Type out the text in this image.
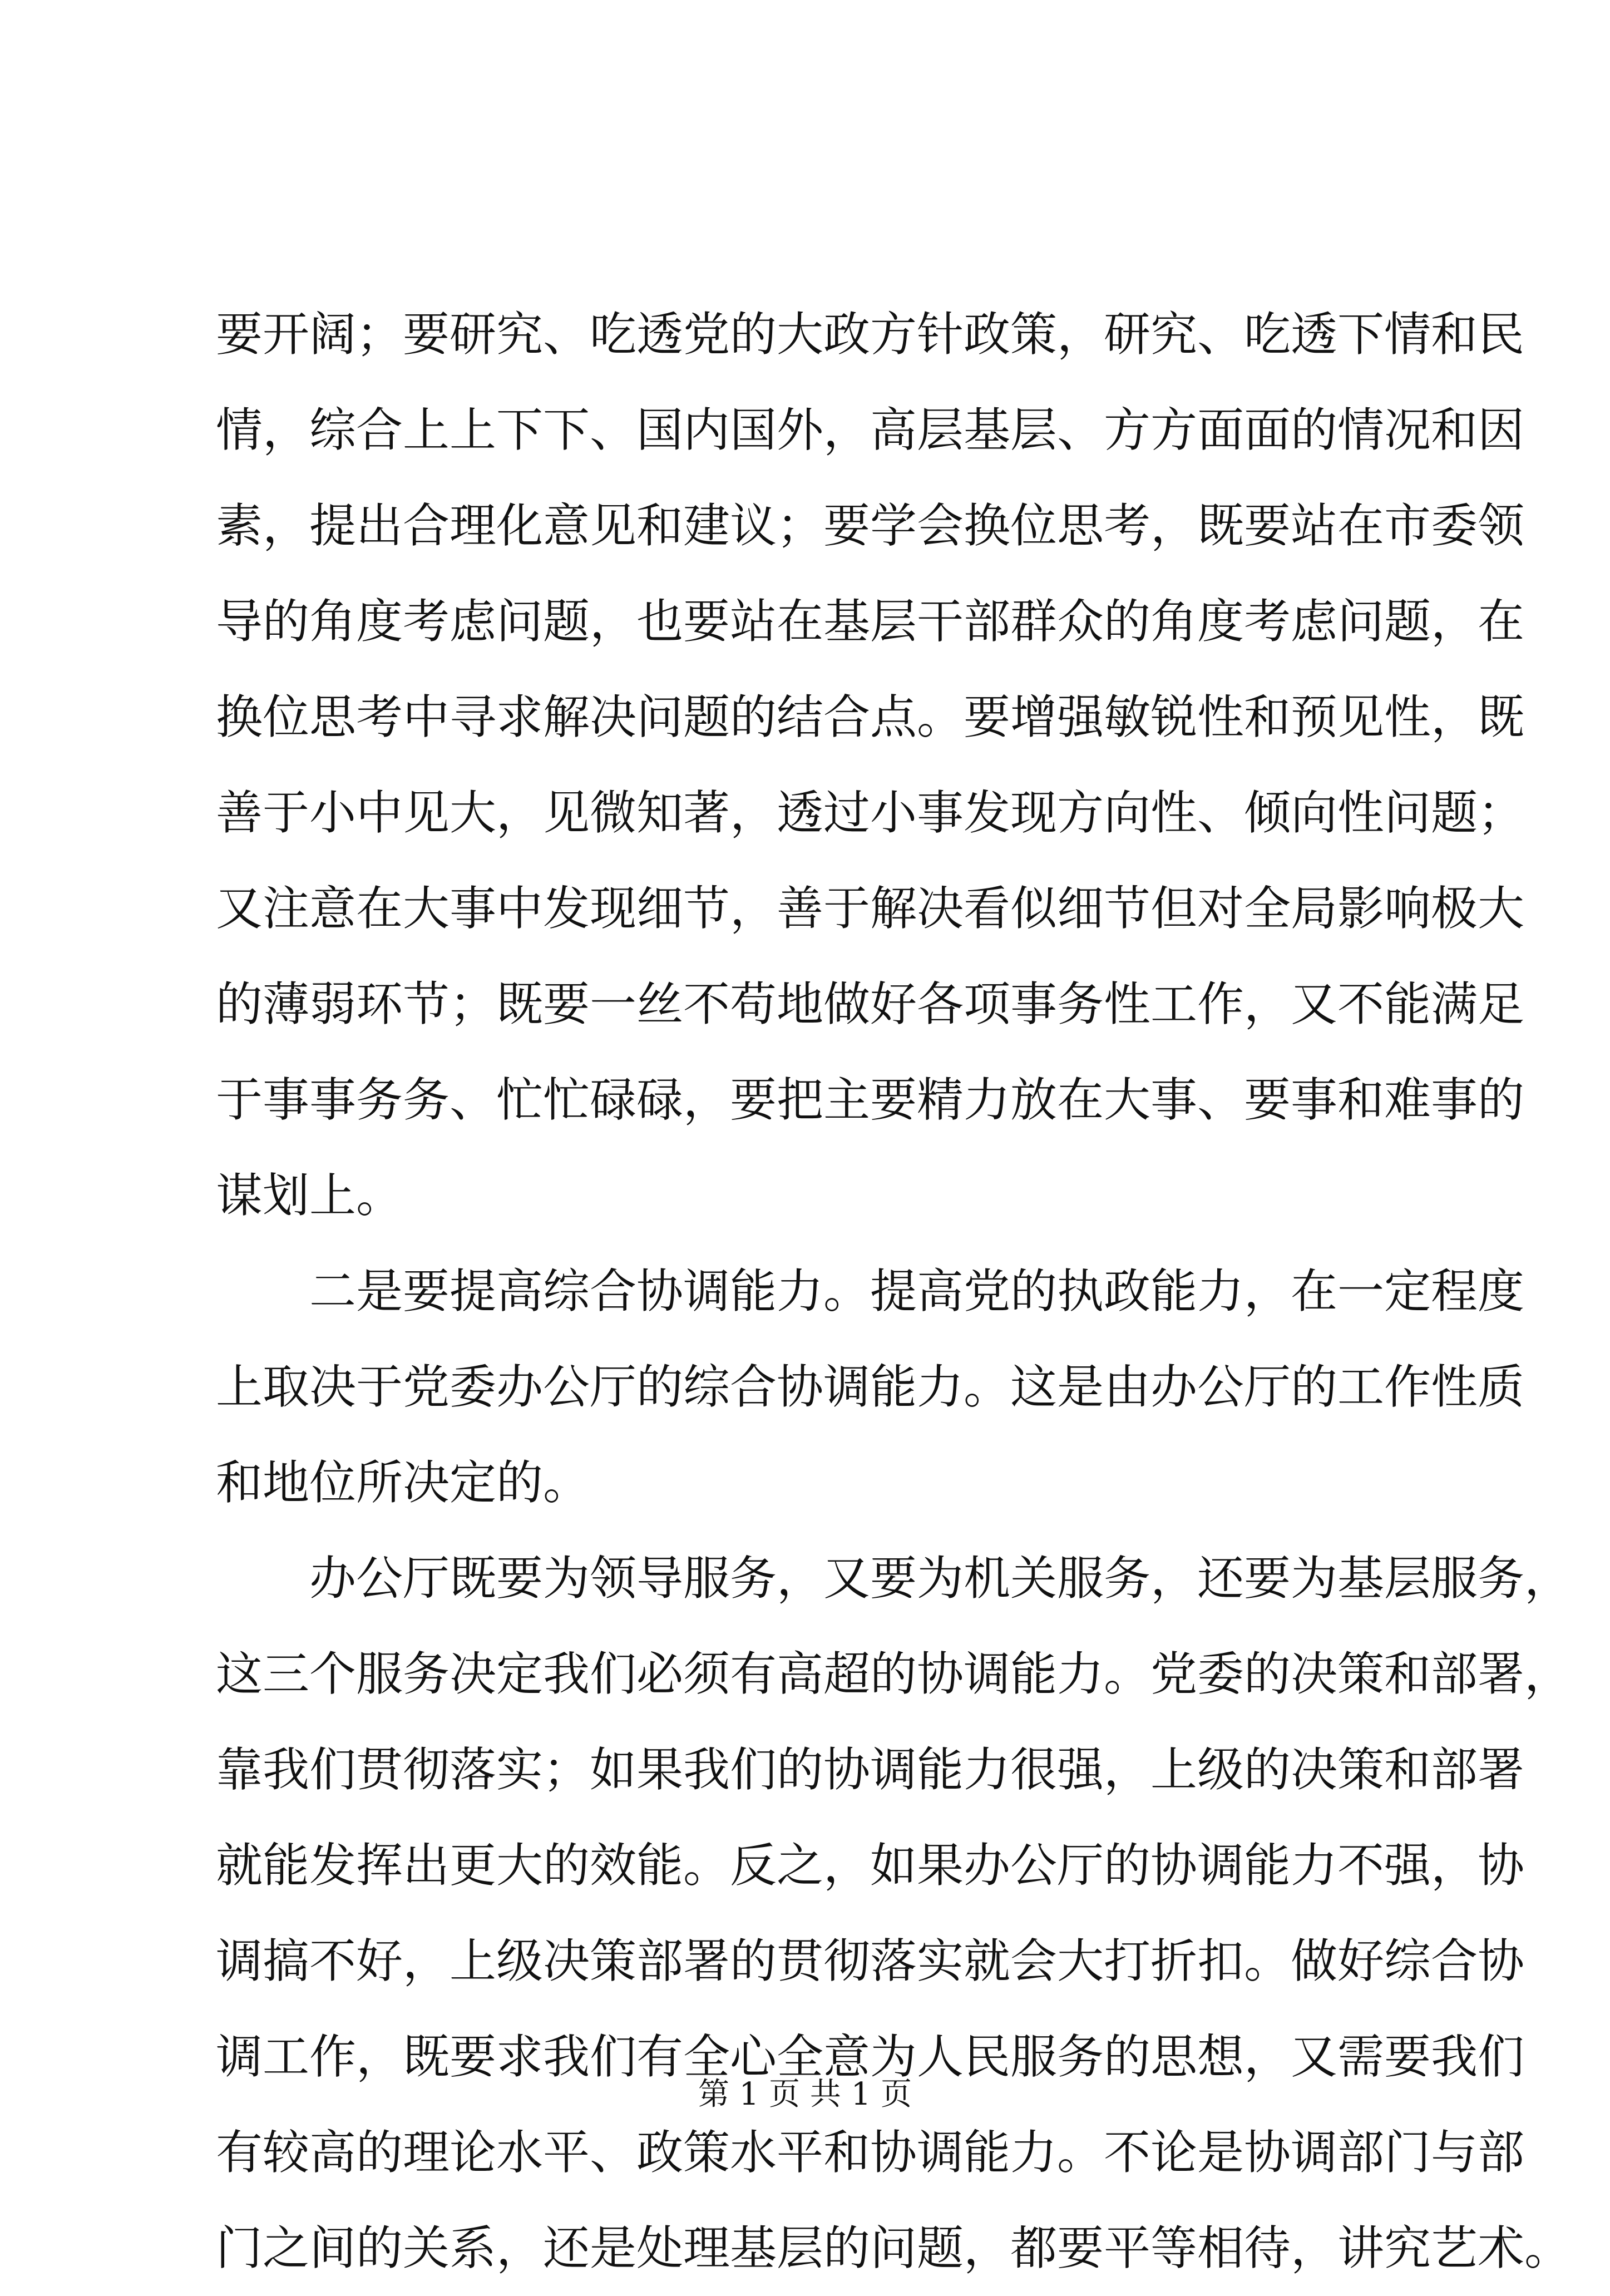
要开阔；要研究、吃透党的大政方针政策，研究、吃透下情和民
情，综合上上下下、国内国外，高层基层、方方面面的情况和因
素，提出合理化意见和建议；要学会换位思考，既要站在市委领
导的角度考虑问题，也要站在基层干部群众的角度考虑问题，在
换位思考中寻求解决问题的结合点。要增强敏锐性和预见性，既
善于小中见大，见微知著，透过小事发现方向性、倾向性问题；
又注意在大事中发现细节，善于解决看似细节但对全局影响极大
的薄弱环节；既要一丝不苟地做好各项事务性工作，又不能满足
于事事务务、忙忙碌碌，要把主要精力放在大事、要事和难事的
谋划上。
二是要提高综合协调能力。提高党的执政能力，在一定程度
上取决于党委办公厅的综合协调能力。这是由办公厅的工作性质
和地位所决定的。
办公厅既要为领导服务，又要为机关服务，还要为基层服务，
这三个服务决定我们必须有高超的协调能力。党委的决策和部署，
靠我们贯彻落实；如果我们的协调能力很强，上级的决策和部署
就能发挥出更大的效能。反之，如果办公厅的协调能力不强，协
调搞不好，上级决策部署的贯彻落实就会大打折扣。做好综合协
调工作，既要求我们有全心全意为人民服务的思想，又需要我们
有较高的理论水平、政策水平和协调能力。不论是协调部门与部
门之间的关系，还是处理基层的问题，都要平等相待，讲究艺术。
第 1 页 共 1 页
